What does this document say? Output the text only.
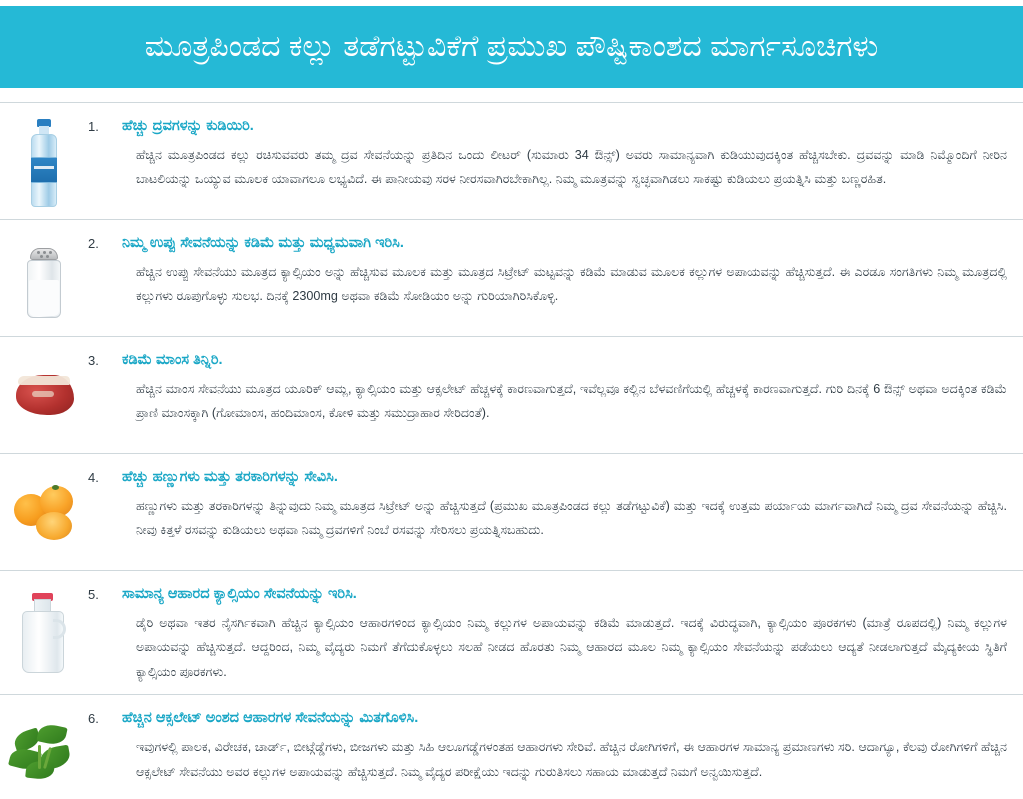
ಮೂತ್ರಪಿಂಡದ ಕಲ್ಲು ತಡೆಗಟ್ಟುವಿಕೆಗೆ ಪ್ರಮುಖ ಪೌಷ್ಟಿಕಾಂಶದ ಮಾರ್ಗಸೂಚಿಗಳು
1.	ಹೆಚ್ಚು ದ್ರವಗಳನ್ನು ಕುಡಿಯಿರಿ.
ಹೆಚ್ಚಿನ ಮೂತ್ರಪಿಂಡದ ಕಲ್ಲು ರಚಿಸುವವರು ತಮ್ಮ ದ್ರವ ಸೇವನೆಯನ್ನು ಪ್ರತಿದಿನ ಒಂದು ಲೀಟರ್ (ಸುಮಾರು 34 ಔನ್ಸ್) ಅವರು ಸಾಮಾನ್ಯವಾಗಿ ಕುಡಿಯುವುದಕ್ಕಿಂತ ಹೆಚ್ಚಿಸಬೇಕು. ದ್ರವವನ್ನು ಮಾಡಿ ನಿಮ್ಮೊಂದಿಗೆ ನೀರಿನ ಬಾಟಲಿಯನ್ನು ಒಯ್ಯುವ ಮೂಲಕ ಯಾವಾಗಲೂ ಲಭ್ಯವಿದೆ. ಈ ಪಾನೀಯವು ಸರಳ ನೀರಸವಾಗಿರಬೇಕಾಗಿಲ್ಲ. ನಿಮ್ಮ ಮೂತ್ರವನ್ನು ಸ್ವಚ್ಛವಾಗಿಡಲು ಸಾಕಷ್ಟು ಕುಡಿಯಲು ಪ್ರಯತ್ನಿಸಿ ಮತ್ತು ಬಣ್ಣರಹಿತ.
2.	ನಿಮ್ಮ ಉಪ್ಪು ಸೇವನೆಯನ್ನು ಕಡಿಮೆ ಮತ್ತು ಮಧ್ಯಮವಾಗಿ ಇರಿಸಿ.
ಹೆಚ್ಚಿನ ಉಪ್ಪು ಸೇವನೆಯು ಮೂತ್ರದ ಕ್ಯಾಲ್ಸಿಯಂ ಅನ್ನು ಹೆಚ್ಚಿಸುವ ಮೂಲಕ ಮತ್ತು ಮೂತ್ರದ ಸಿಟ್ರೇಟ್ ಮಟ್ಟವನ್ನು ಕಡಿಮೆ ಮಾಡುವ ಮೂಲಕ ಕಲ್ಲುಗಳ ಅಪಾಯವನ್ನು ಹೆಚ್ಚಿಸುತ್ತದೆ. ಈ ಎರಡೂ ಸಂಗತಿಗಳು ನಿಮ್ಮ ಮೂತ್ರದಲ್ಲಿ ಕಲ್ಲುಗಳು ರೂಪುಗೊಳ್ಳು ಸುಲಭ. ದಿನಕ್ಕೆ 2300mg ಅಥವಾ ಕಡಿಮೆ ಸೋಡಿಯಂ ಅನ್ನು ಗುರಿಯಾಗಿರಿಸಿಕೊಳ್ಳಿ.
3.	ಕಡಿಮೆ ಮಾಂಸ ತಿನ್ನಿರಿ.
ಹೆಚ್ಚಿನ ಮಾಂಸ ಸೇವನೆಯು ಮೂತ್ರದ ಯೂರಿಕ್ ಆಮ್ಲ, ಕ್ಯಾಲ್ಸಿಯಂ ಮತ್ತು ಆಕ್ಸಲೇಟ್ ಹೆಚ್ಚಳಕ್ಕೆ ಕಾರಣವಾಗುತ್ತದೆ, ಇವೆಲ್ಲವೂ ಕಲ್ಲಿನ ಬೆಳವಣಿಗೆಯಲ್ಲಿ ಹೆಚ್ಚಳಕ್ಕೆ ಕಾರಣವಾಗುತ್ತದೆ. ಗುರಿ ದಿನಕ್ಕೆ 6 ಔನ್ಸ್ ಅಥವಾ ಅದಕ್ಕಿಂತ ಕಡಿಮೆ ಪ್ರಾಣಿ ಮಾಂಸಕ್ಕಾಗಿ (ಗೋಮಾಂಸ, ಹಂದಿಮಾಂಸ, ಕೋಳಿ ಮತ್ತು ಸಮುದ್ರಾಹಾರ ಸೇರಿದಂತೆ).
4.	ಹೆಚ್ಚು ಹಣ್ಣುಗಳು ಮತ್ತು ತರಕಾರಿಗಳನ್ನು ಸೇವಿಸಿ.
ಹಣ್ಣುಗಳು ಮತ್ತು ತರಕಾರಿಗಳನ್ನು ತಿನ್ನುವುದು ನಿಮ್ಮ ಮೂತ್ರದ ಸಿಟ್ರೇಟ್ ಅನ್ನು ಹೆಚ್ಚಿಸುತ್ತದೆ (ಪ್ರಮುಖ ಮೂತ್ರಪಿಂಡದ ಕಲ್ಲು ತಡೆಗಟ್ಟುವಿಕೆ) ಮತ್ತು ಇದಕ್ಕೆ ಉತ್ತಮ ಪರ್ಯಾಯ ಮಾರ್ಗವಾಗಿದೆ ನಿಮ್ಮ ದ್ರವ ಸೇವನೆಯನ್ನು ಹೆಚ್ಚಿಸಿ. ನೀವು ಕಿತ್ತಳೆ ರಸವನ್ನು ಕುಡಿಯಲು ಅಥವಾ ನಿಮ್ಮ ದ್ರವಗಳಿಗೆ ನಿಂಬೆ ರಸವನ್ನು ಸೇರಿಸಲು ಪ್ರಯತ್ನಿಸಬಹುದು.
5.	ಸಾಮಾನ್ಯ ಆಹಾರದ ಕ್ಯಾಲ್ಸಿಯಂ ಸೇವನೆಯನ್ನು ಇರಿಸಿ.
ಡೈರಿ ಅಥವಾ ಇತರ ನೈಸರ್ಗಿಕವಾಗಿ ಹೆಚ್ಚಿನ ಕ್ಯಾಲ್ಸಿಯಂ ಆಹಾರಗಳಿಂದ ಕ್ಯಾಲ್ಸಿಯಂ ನಿಮ್ಮ ಕಲ್ಲುಗಳ ಅಪಾಯವನ್ನು ಕಡಿಮೆ ಮಾಡುತ್ತದೆ. ಇದಕ್ಕೆ ವಿರುದ್ಧವಾಗಿ, ಕ್ಯಾಲ್ಸಿಯಂ ಪೂರಕಗಳು (ಮಾತ್ರೆ ರೂಪದಲ್ಲಿ) ನಿಮ್ಮ ಕಲ್ಲುಗಳ ಅಪಾಯವನ್ನು ಹೆಚ್ಚಿಸುತ್ತದೆ. ಆದ್ದರಿಂದ, ನಿಮ್ಮ ವೈದ್ಯರು ನಿಮಗೆ ತೆಗೆದುಕೊಳ್ಳಲು ಸಲಹೆ ನೀಡದ ಹೊರತು ನಿಮ್ಮ ಆಹಾರದ ಮೂಲ ನಿಮ್ಮ ಕ್ಯಾಲ್ಸಿಯಂ ಸೇವನೆಯನ್ನು ಪಡೆಯಲು ಆದ್ಯತೆ ನೀಡಲಾಗುತ್ತದೆ ಮೈದ್ಯಕೀಯ ಸ್ಥಿತಿಗೆ ಕ್ಯಾಲ್ಸಿಯಂ ಪೂರಕಗಳು.
6.	ಹೆಚ್ಚಿನ ಆಕ್ಸಲೇಟ್ ಅಂಶದ ಆಹಾರಗಳ ಸೇವನೆಯನ್ನು ಮಿತಗೊಳಿಸಿ.
ಇವುಗಳಲ್ಲಿ ಪಾಲಕ, ವಿರೇಚಕ, ಚಾರ್ಡ್, ಬೀಟ್ಗೆಡ್ಡೆಗಳು, ಬೀಜಗಳು ಮತ್ತು ಸಿಹಿ ಆಲೂಗಡ್ಡೆಗಳಂತಹ ಆಹಾರಗಳು ಸೇರಿವೆ. ಹೆಚ್ಚಿನ ರೋಗಿಗಳಿಗೆ, ಈ ಆಹಾರಗಳ ಸಾಮಾನ್ಯ ಪ್ರಮಾಣಗಳು ಸರಿ. ಆದಾಗ್ಯೂ, ಕೆಲವು ರೋಗಿಗಳಿಗೆ ಹೆಚ್ಚಿನ ಆಕ್ಸಲೇಟ್ ಸೇವನೆಯು ಅವರ ಕಲ್ಲುಗಳ ಅಪಾಯವನ್ನು ಹೆಚ್ಚಿಸುತ್ತದೆ. ನಿಮ್ಮ ವೈದ್ಯರ ಪರೀಕ್ಷೆಯು ಇದನ್ನು ಗುರುತಿಸಲು ಸಹಾಯ ಮಾಡುತ್ತದೆ ನಿಮಗೆ ಅನ್ವಯಿಸುತ್ತದೆ.
